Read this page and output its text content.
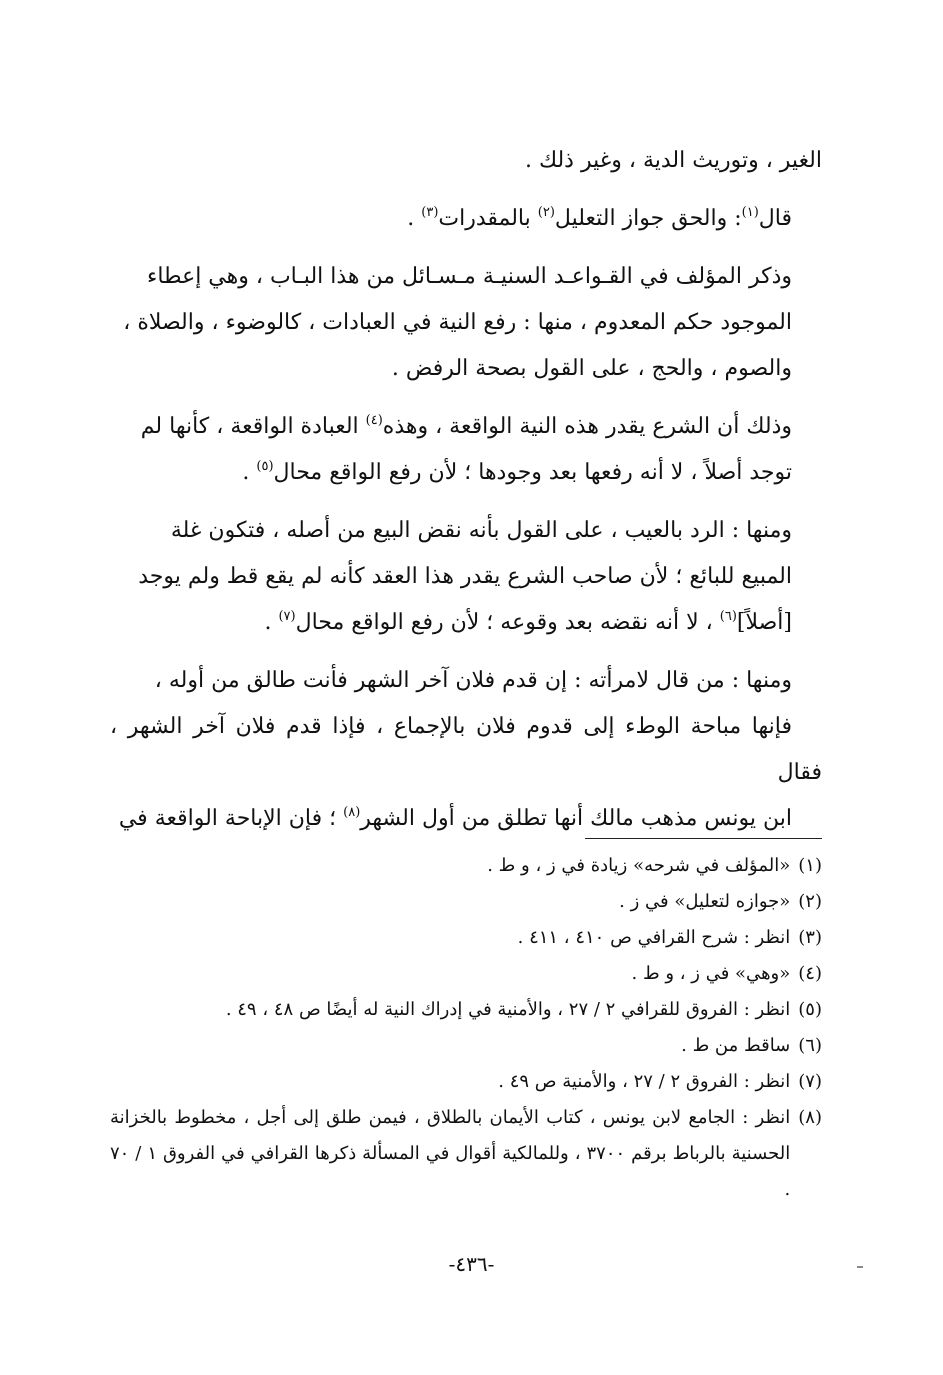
الغير ، وتوريث الدية ، وغير ذلك .

قال$^{(١)}$: والحق جواز التعليل$^{(٢)}$ بالمقدرات$^{(٣)}$ .

وذكر المؤلف في القـواعـد السنيـة مـسـائل من هذا البـاب ، وهي إعطاء
الموجود حكم المعدوم ، منها : رفع النية في العبادات ، كالوضوء ، والصلاة ،
والصوم ، والحج ، على القول بصحة الرفض .

وذلك أن الشرع يقدر هذه النية الواقعة ، وهذه$^{(٤)}$ العبادة الواقعة ، كأنها لم
توجد أصلاً ، لا أنه رفعها بعد وجودها ؛ لأن رفع الواقع محال$^{(٥)}$ .

ومنها : الرد بالعيب ، على القول بأنه نقض البيع من أصله ، فتكون غلة
المبيع للبائع ؛ لأن صاحب الشرع يقدر هذا العقد كأنه لم يقع قط ولم يوجد
[أصلاً]$^{(٦)}$ ، لا أنه نقضه بعد وقوعه ؛ لأن رفع الواقع محال$^{(٧)}$ .

ومنها : من قال لامرأته : إن قدم فلان آخر الشهر فأنت طالق من أوله ،
فإنها مباحة الوطء إلى قدوم فلان بالإجماع ، فإذا قدم فلان آخر الشهر ، فقال
ابن يونس مذهب مالك أنها تطلق من أول الشهر$^{(٨)}$ ؛ فإن الإباحة الواقعة في

(١)
«المؤلف في شرحه» زيادة في ز ، و ط .
(٢)
«جوازه لتعليل» في ز .
(٣)
انظر : شرح القرافي ص ٤١٠ ، ٤١١ .
(٤)
«وهي» في ز ، و ط .
(٥)
انظر : الفروق للقرافي ٢ / ٢٧ ، والأمنية في إدراك النية له أيضًا ص ٤٨ ، ٤٩ .
(٦)
ساقط من ط .
(٧)
انظر : الفروق ٢ / ٢٧ ، والأمنية ص ٤٩ .
(٨)
انظر : الجامع لابن يونس ، كتاب الأيمان بالطلاق ، فيمن طلق إلى أجل ، مخطوط بالخزانة الحسنية بالرباط برقم ٣٧٠٠ ، وللمالكية أقوال في المسألة ذكرها القرافي في الفروق ١ / ٧٠ .
-٤٣٦-
